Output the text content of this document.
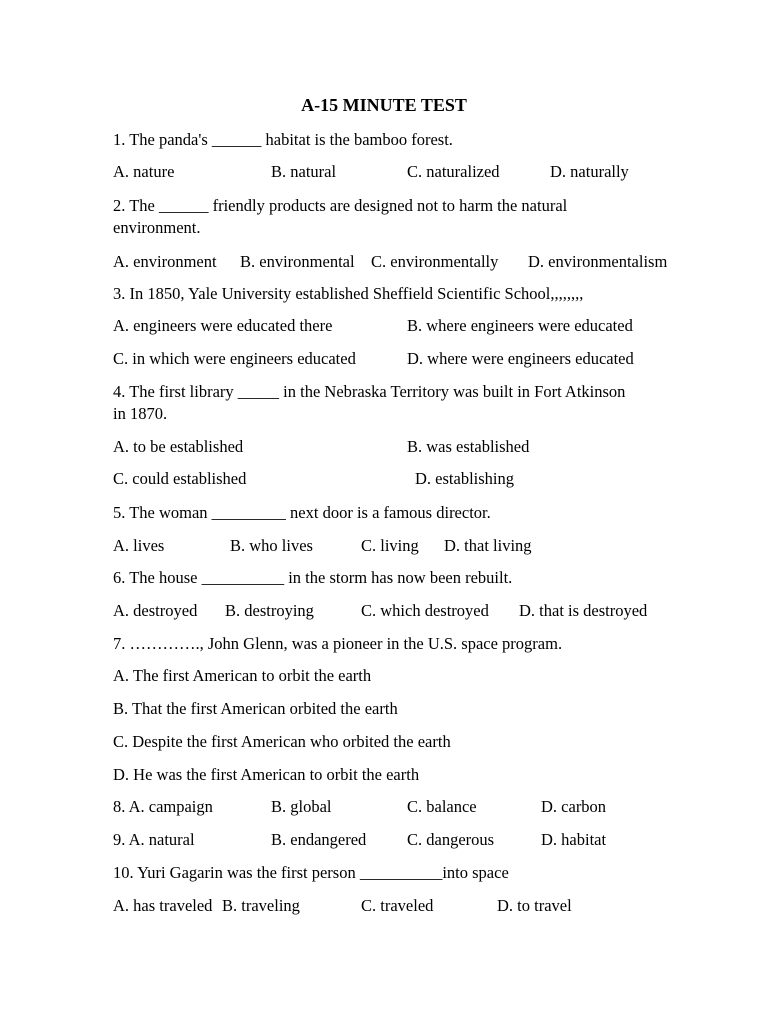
A-15 MINUTE TEST
1. The panda's ______ habitat is the bamboo forest.
A. nature	B. natural	C. naturalized	D. naturally
2. The ______ friendly products are designed not to harm the natural
environment.
A. environment B. environmental C. environmentally D. environmentalism
3. In 1850, Yale University established Sheffield Scientific School,,,,,,,,
A. engineers were educated there	B. where engineers were educated
C. in which were engineers educated	D. where were engineers educated
4. The first library _____ in the Nebraska Territory was built in Fort Atkinson
in 1870.
A. to be established	B. was established
C. could established	D. establishing
5. The woman _________ next door is a famous director.
A. lives	B. who lives	C. living D. that living
6. The house __________ in the storm has now been rebuilt.
A. destroyed B. destroying	C. which destroyed D. that is destroyed
7. …………., John Glenn, was a pioneer in the U.S. space program.
A. The first American to orbit the earth
B. That the first American orbited the earth
C. Despite the first American who orbited the earth
D. He was the first American to orbit the earth
8. A. campaign	B. global	C. balance	D. carbon
9. A. natural	B. endangered C. dangerous	D. habitat
10. Yuri Gagarin was the first person __________into space
A. has traveled B. traveling	C. traveled	D. to travel
